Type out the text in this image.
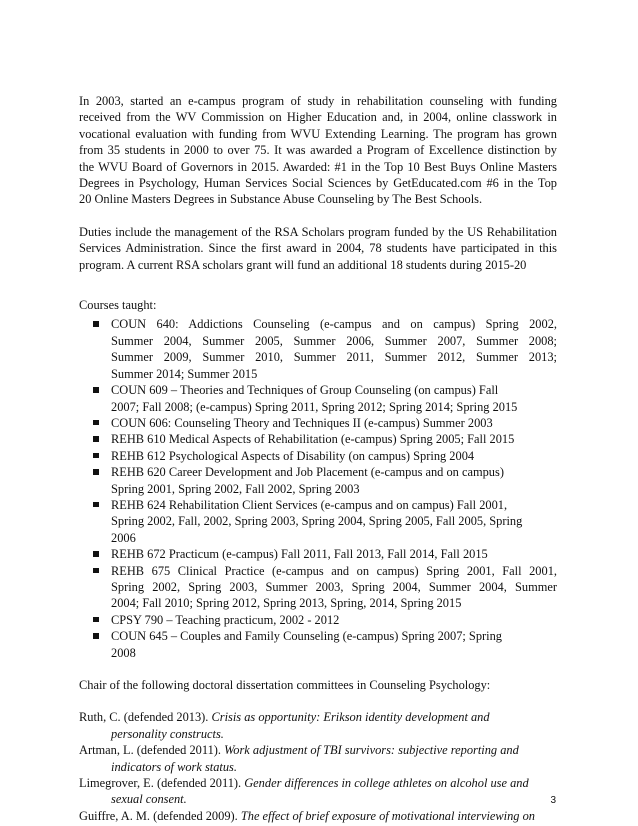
In 2003, started an e-campus program of study in rehabilitation counseling with funding
received from the WV Commission on Higher Education and, in 2004, online classwork in
vocational evaluation with funding from WVU Extending Learning. The program has grown
from 35 students in 2000 to over 75. It was awarded a Program of Excellence distinction by
the WVU Board of Governors in 2015. Awarded: #1 in the Top 10 Best Buys Online Masters
Degrees in Psychology, Human Services Social Sciences by GetEducated.com #6 in the Top
20 Online Masters Degrees in Substance Abuse Counseling by The Best Schools.

Duties include the management of the RSA Scholars program funded by the US Rehabilitation
Services Administration. Since the first award in 2004, 78 students have participated in this
program. A current RSA scholars grant will fund an additional 18 students during 2015-20

Courses taught:
COUN 640: Addictions Counseling (e-campus and on campus) Spring 2002,
Summer 2004, Summer 2005, Summer 2006, Summer 2007, Summer 2008;
Summer 2009, Summer 2010, Summer 2011, Summer 2012, Summer 2013;
Summer 2014; Summer 2015
COUN 609 – Theories and Techniques of Group Counseling (on campus) Fall
2007; Fall 2008; (e-campus) Spring 2011, Spring 2012; Spring 2014; Spring 2015
COUN 606: Counseling Theory and Techniques II (e-campus) Summer 2003
REHB 610 Medical Aspects of Rehabilitation (e-campus) Spring 2005; Fall 2015
REHB 612 Psychological Aspects of Disability (on campus) Spring 2004
REHB 620 Career Development and Job Placement (e-campus and on campus)
Spring 2001, Spring 2002, Fall 2002, Spring 2003
REHB 624 Rehabilitation Client Services (e-campus and on campus) Fall 2001,
Spring 2002, Fall, 2002, Spring 2003, Spring 2004, Spring 2005, Fall 2005, Spring
2006
REHB 672 Practicum (e-campus) Fall 2011, Fall 2013, Fall 2014, Fall 2015
REHB 675 Clinical Practice (e-campus and on campus) Spring 2001, Fall 2001,
Spring 2002, Spring 2003, Summer 2003, Spring 2004, Summer 2004, Summer
2004; Fall 2010; Spring 2012, Spring 2013, Spring, 2014, Spring 2015
CPSY 790 – Teaching practicum, 2002 - 2012
COUN 645 – Couples and Family Counseling (e-campus) Spring 2007; Spring
2008

Chair of the following doctoral dissertation committees in Counseling Psychology:

Ruth, C. (defended 2013). Crisis as opportunity: Erikson identity development and
personality constructs.
Artman, L. (defended 2011). Work adjustment of TBI survivors: subjective reporting and
indicators of work status.
Limegrover, E. (defended 2011). Gender differences in college athletes on alcohol use and
sexual consent.
Guiffre, A. M. (defended 2009). The effect of brief exposure of motivational interviewing on
3
